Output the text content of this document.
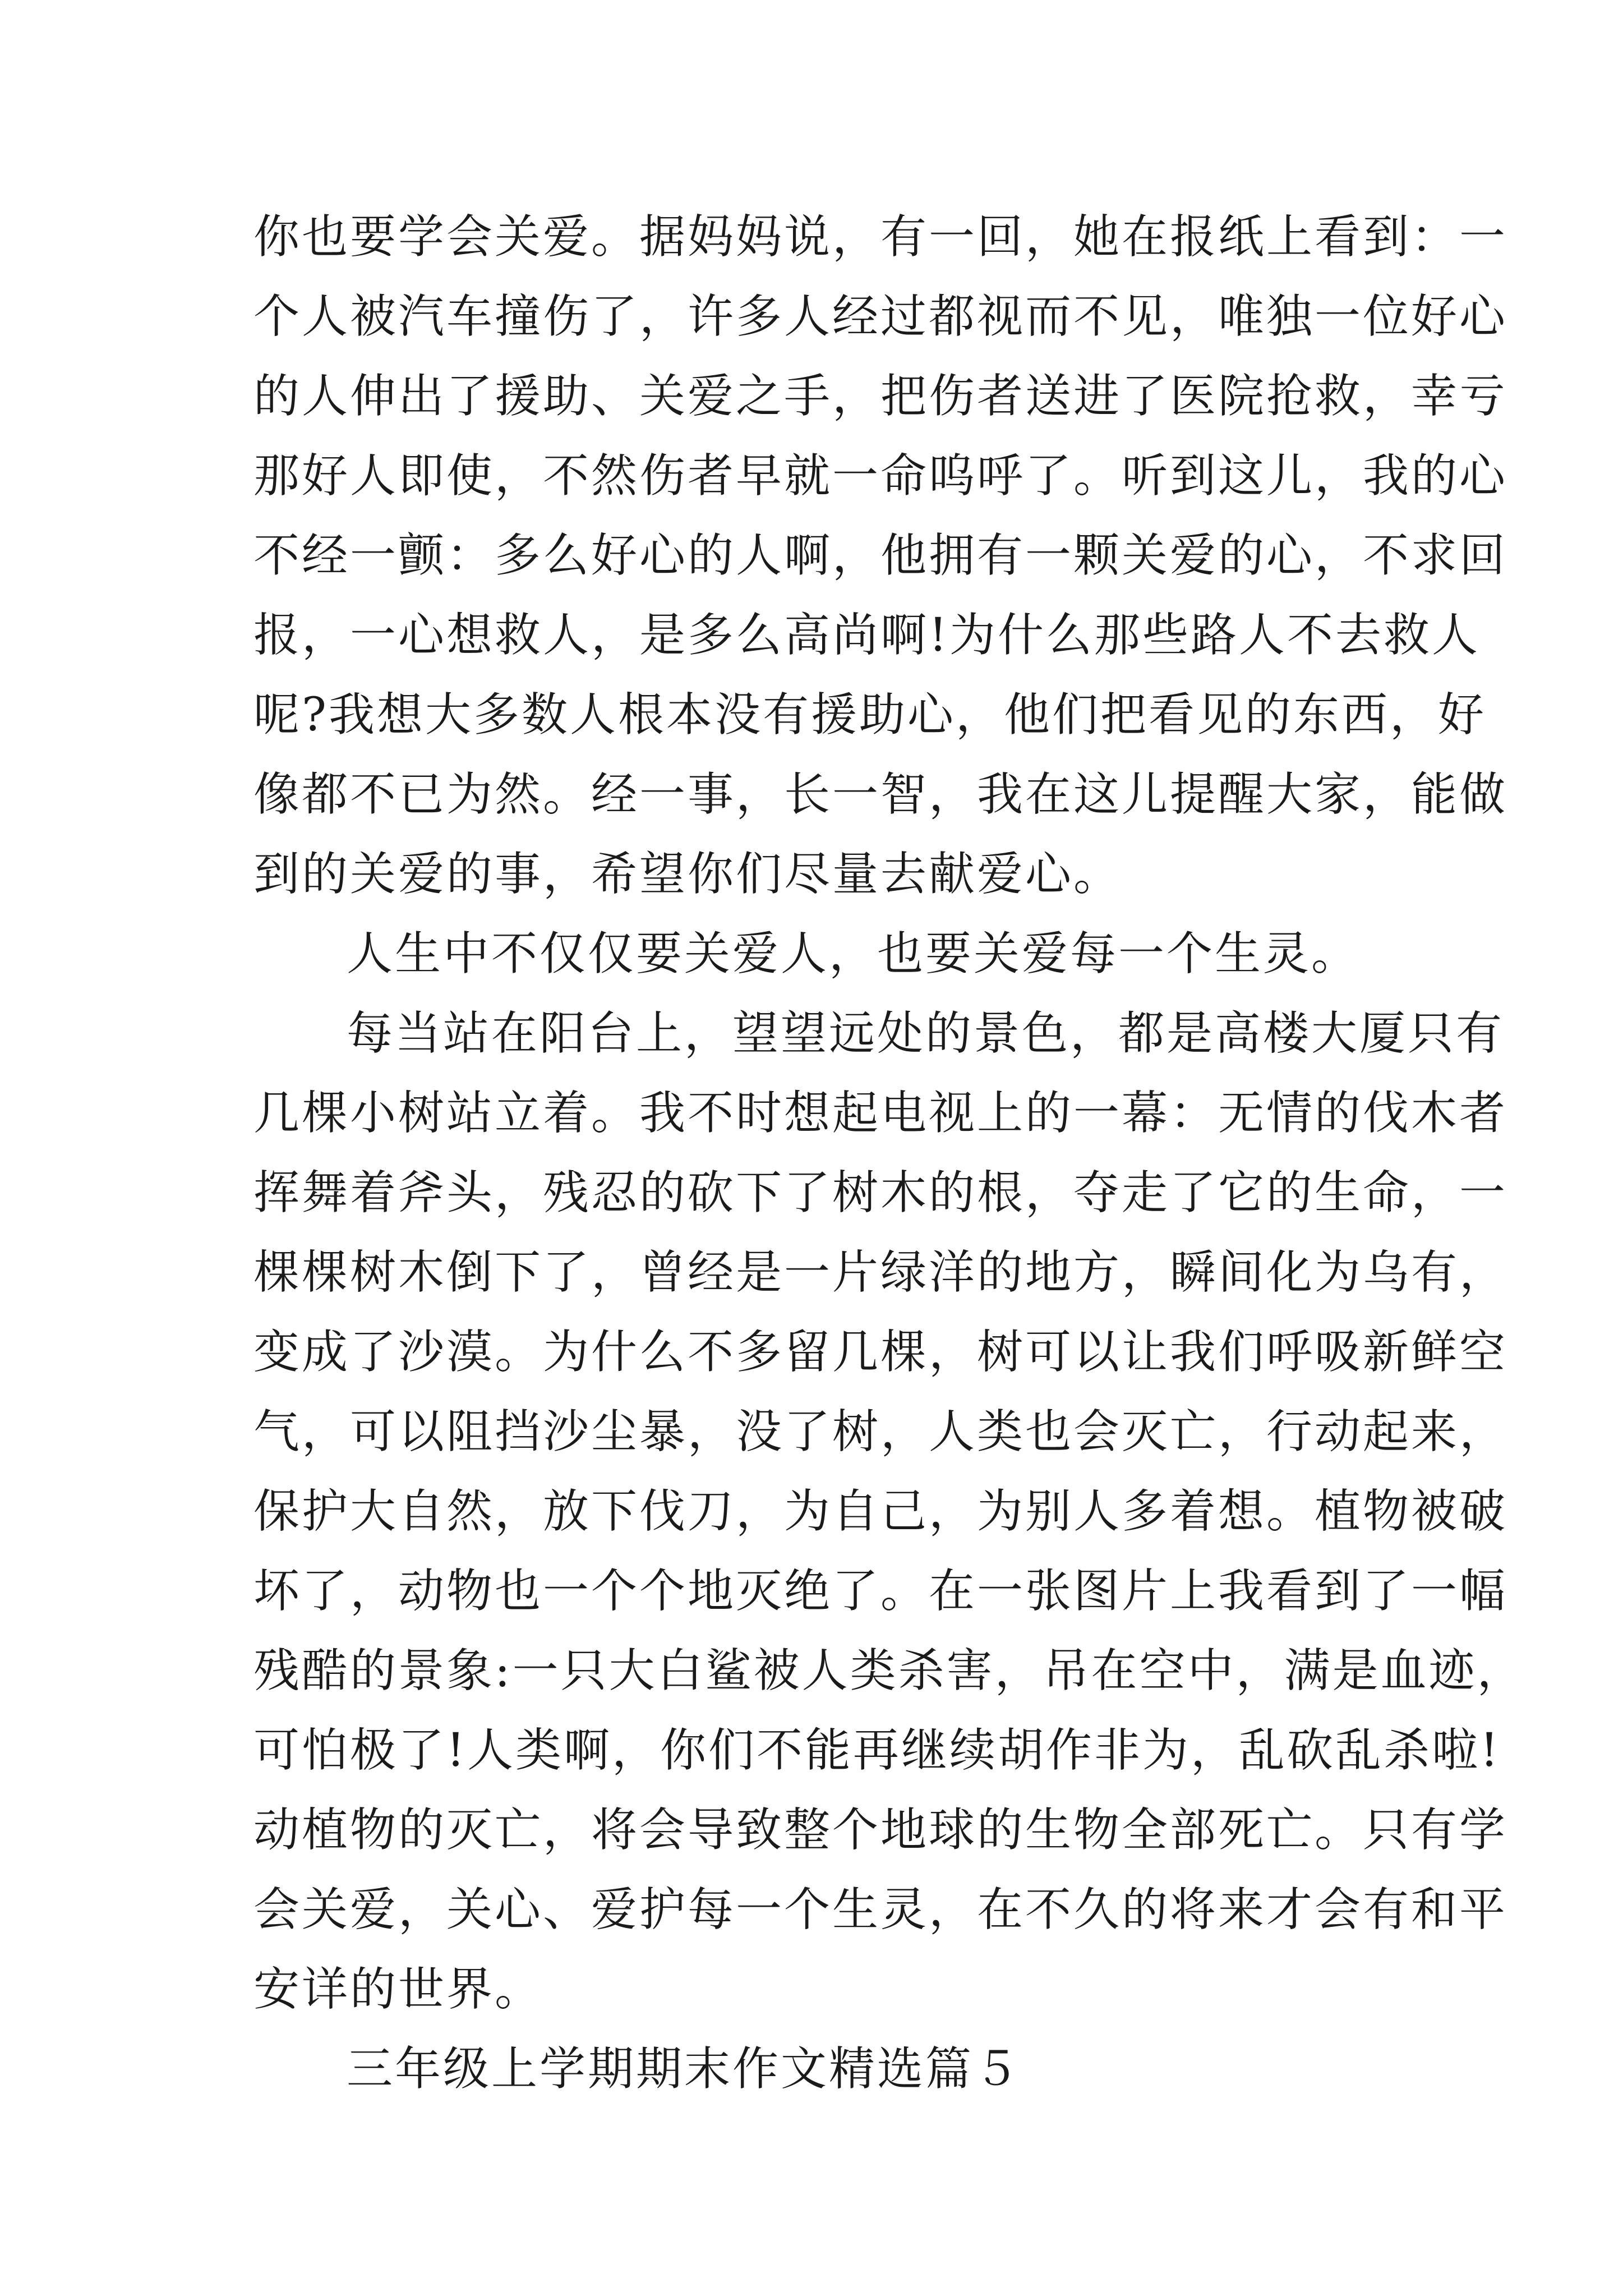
你也要学会关爱。据妈妈说，有一回，她在报纸上看到：一
个人被汽车撞伤了，许多人经过都视而不见，唯独一位好心
的人伸出了援助、关爱之手，把伤者送进了医院抢救，幸亏
那好人即使，不然伤者早就一命呜呼了。听到这儿，我的心
不经一颤：多么好心的人啊，他拥有一颗关爱的心，不求回
报，一心想救人，是多么高尚啊!为什么那些路人不去救人
呢?我想大多数人根本没有援助心，他们把看见的东西，好
像都不已为然。经一事，长一智，我在这儿提醒大家，能做
到的关爱的事，希望你们尽量去献爱心。
人生中不仅仅要关爱人，也要关爱每一个生灵。
每当站在阳台上，望望远处的景色，都是高楼大厦只有
几棵小树站立着。我不时想起电视上的一幕：无情的伐木者
挥舞着斧头，残忍的砍下了树木的根，夺走了它的生命，一
棵棵树木倒下了，曾经是一片绿洋的地方，瞬间化为乌有，
变成了沙漠。为什么不多留几棵，树可以让我们呼吸新鲜空
气，可以阻挡沙尘暴，没了树，人类也会灭亡，行动起来，
保护大自然，放下伐刀，为自己，为别人多着想。植物被破
坏了，动物也一个个地灭绝了。在一张图片上我看到了一幅
残酷的景象:一只大白鲨被人类杀害，吊在空中，满是血迹，
可怕极了!人类啊，你们不能再继续胡作非为，乱砍乱杀啦!
动植物的灭亡，将会导致整个地球的生物全部死亡。只有学
会关爱，关心、爱护每一个生灵，在不久的将来才会有和平
安详的世界。
三年级上学期期末作文精选篇５
